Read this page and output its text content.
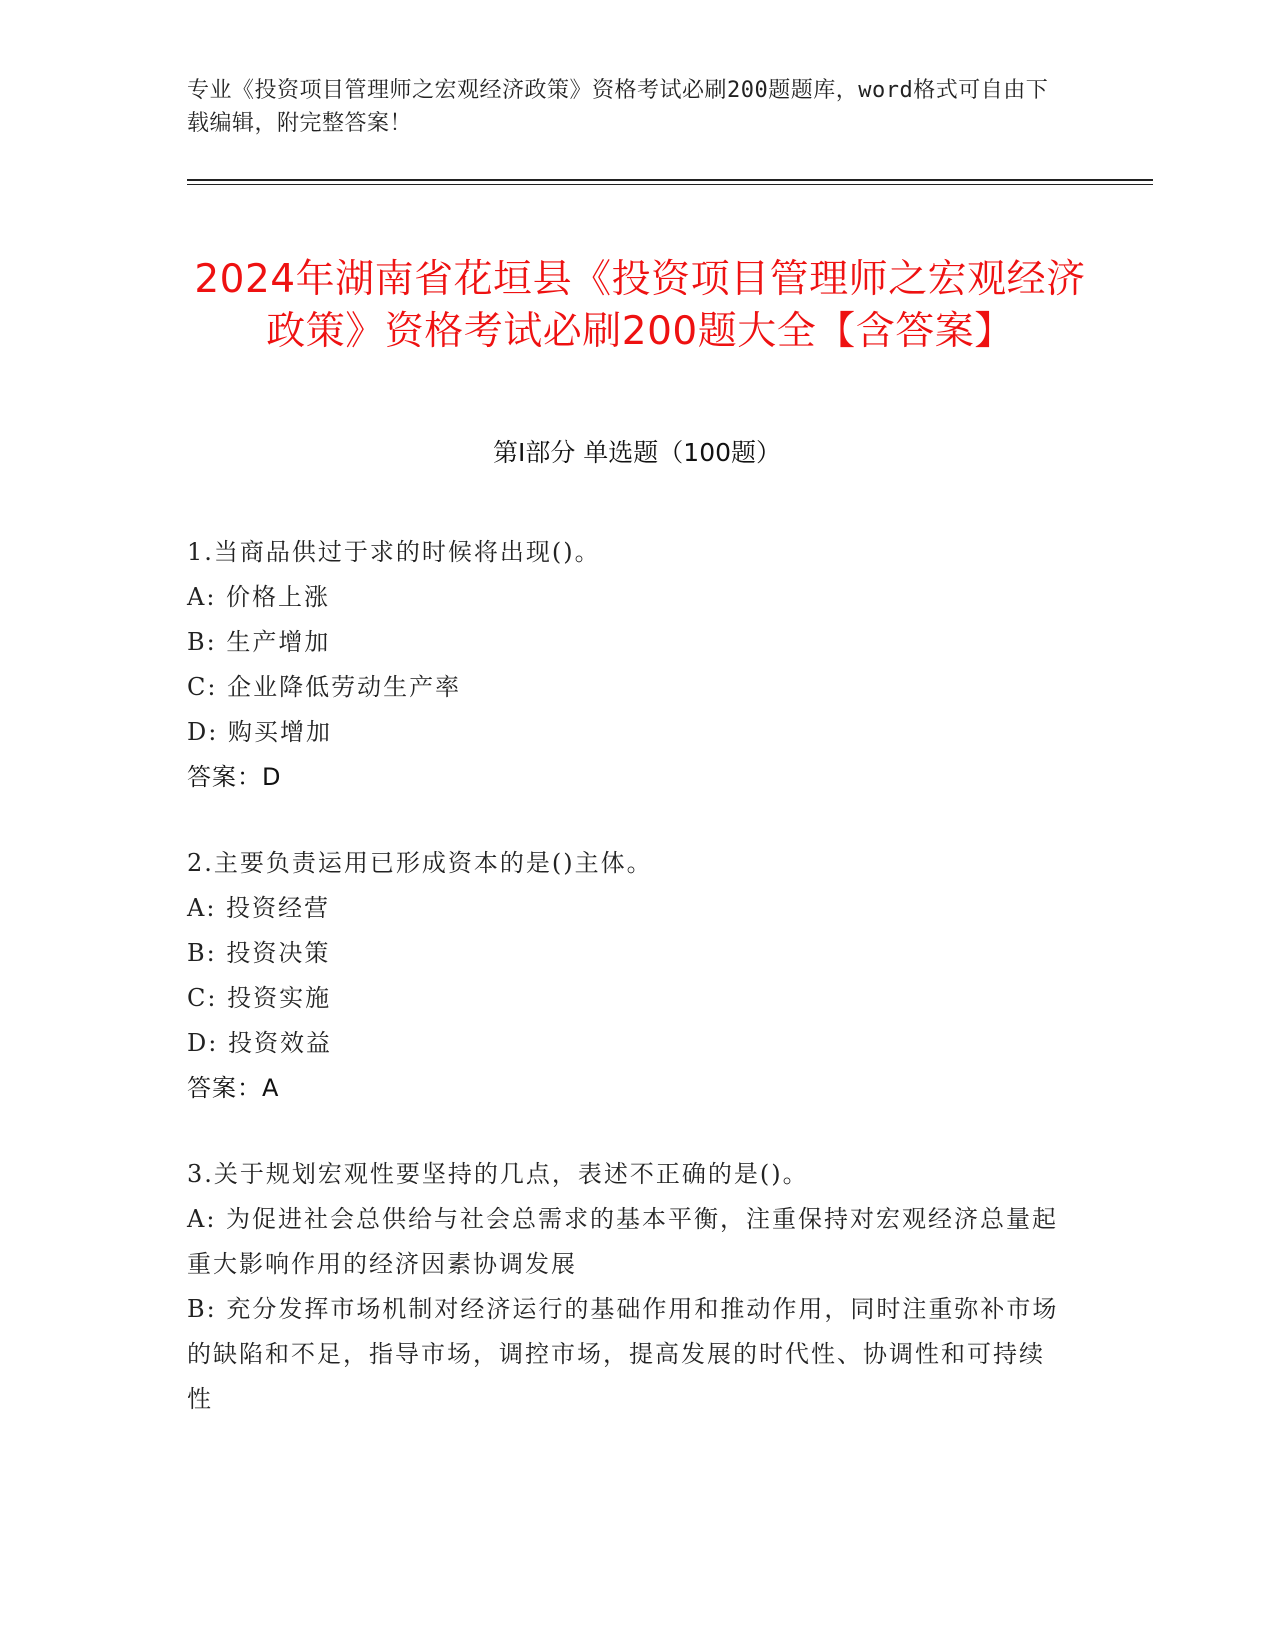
专业《投资项目管理师之宏观经济政策》资格考试必刷200题题库，word格式可自由下载编辑，附完整答案！
2024年湖南省花垣县《投资项目管理师之宏观经济政策》资格考试必刷200题大全【含答案】
第Ⅰ部分 单选题（100题）
1.当商品供过于求的时候将出现()。
A: 价格上涨
B: 生产增加
C: 企业降低劳动生产率
D: 购买增加
答案：D
2.主要负责运用已形成资本的是()主体。
A: 投资经营
B: 投资决策
C: 投资实施
D: 投资效益
答案：A
3.关于规划宏观性要坚持的几点，表述不正确的是()。
A: 为促进社会总供给与社会总需求的基本平衡，注重保持对宏观经济总量起重大影响作用的经济因素协调发展
B: 充分发挥市场机制对经济运行的基础作用和推动作用，同时注重弥补市场的缺陷和不足，指导市场，调控市场，提高发展的时代性、协调性和可持续性
